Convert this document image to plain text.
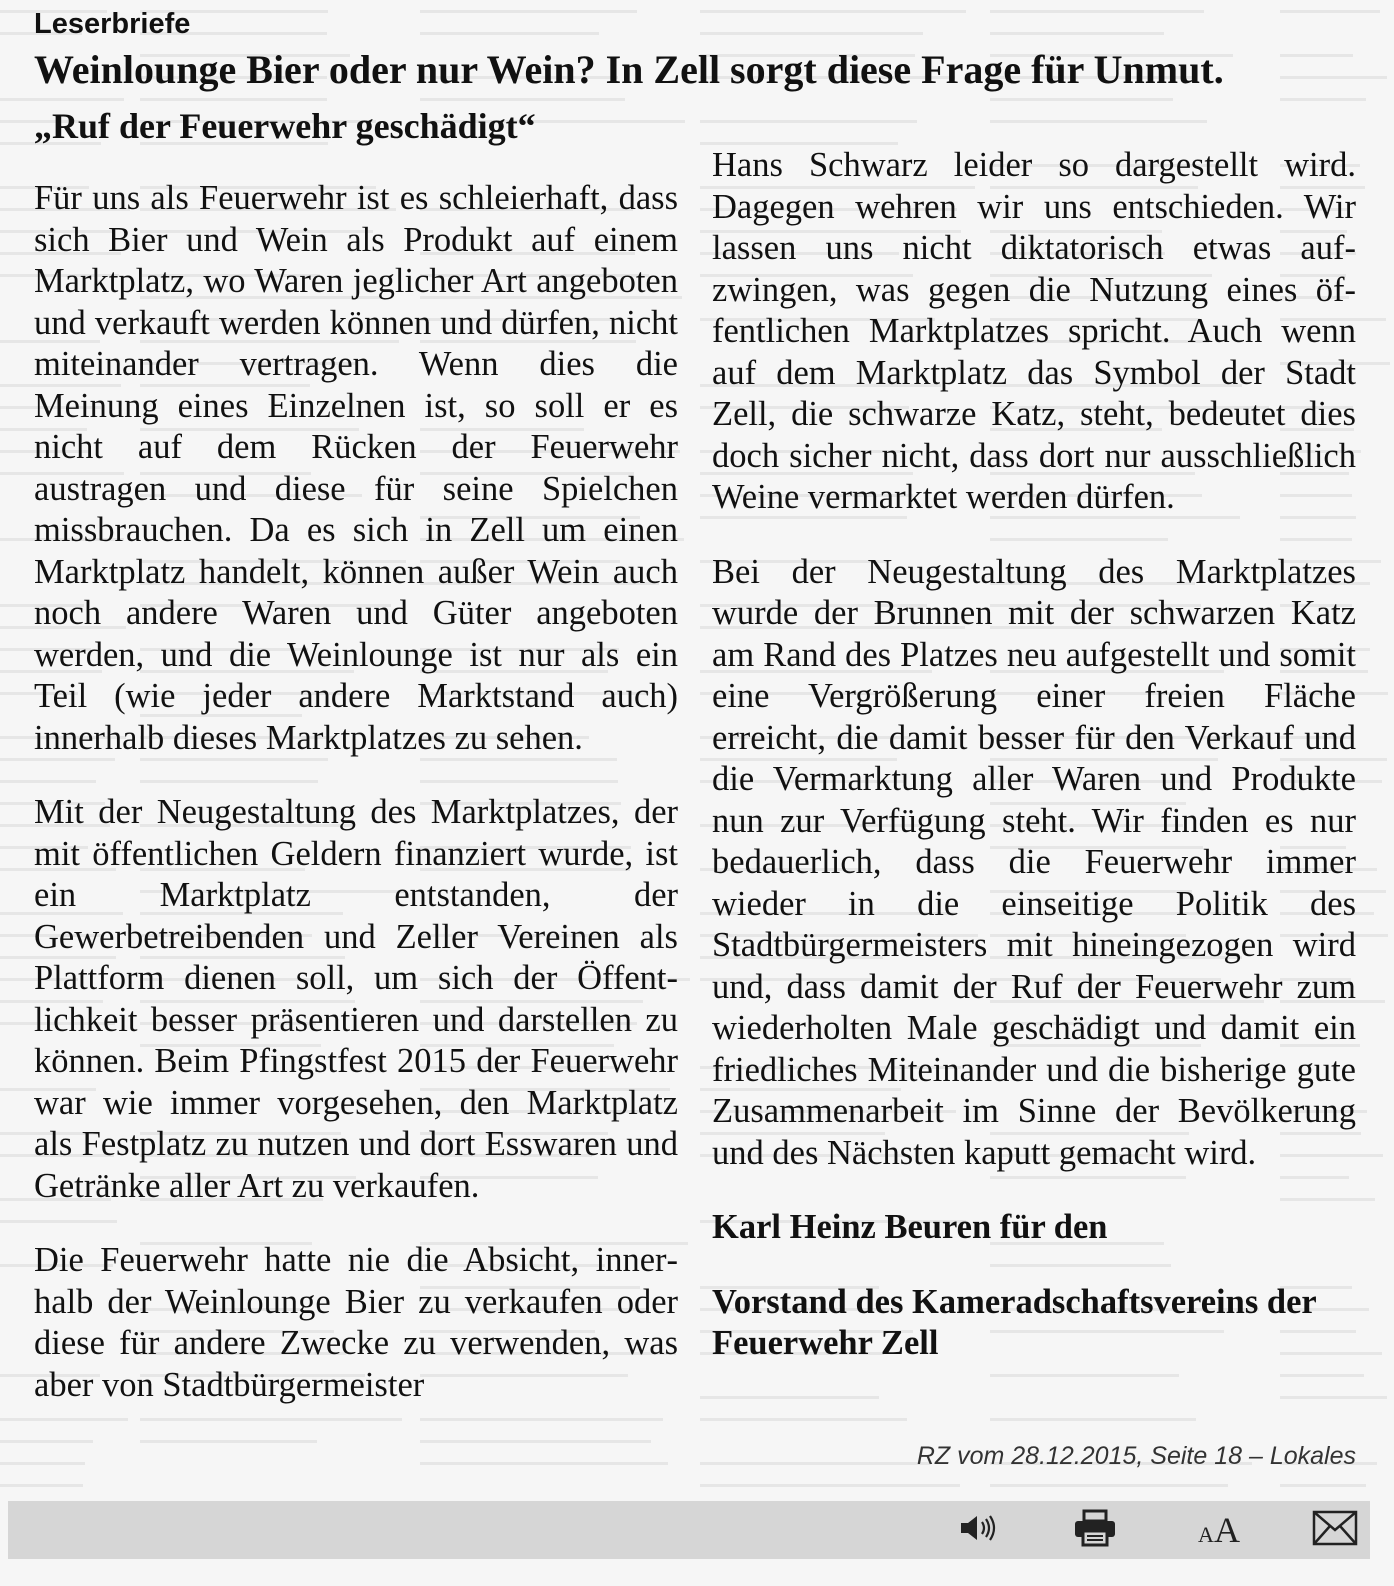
Leserbriefe
Weinlounge Bier oder nur Wein? In Zell sorgt diese Frage für Unmut.
„Ruf der Feuerwehr geschädigt“

Für uns als Feuerwehr ist es schleierhaft, dass sich Bier und Wein als Produkt auf einem Marktplatz, wo Waren jeglicher Art angeboten und verkauft werden können und dürfen, nicht miteinander vertragen. Wenn dies die Meinung eines Einzelnen ist, so soll er es nicht auf dem Rücken der Feuerwehr austragen und diese für seine Spielchen missbrauchen. Da es sich in Zell um einen Marktplatz handelt, können außer Wein auch noch andere Waren und Güter angeboten werden, und die Weinlounge ist nur als ein Teil (wie jeder andere Marktstand auch) innerhalb dieses Marktplatzes zu sehen.

Mit der Neugestaltung des Marktplatzes, der mit öffentlichen Geldern finanziert wurde, ist ein Marktplatz entstanden, der Gewerbetreibenden und Zeller Vereinen als Plattform dienen soll, um sich der Öffentlichkeit besser präsentieren und darstellen zu können. Beim Pfingstfest 2015 der Feuerwehr war wie immer vorgesehen, den Marktplatz als Festplatz zu nutzen und dort Esswaren und Getränke aller Art zu verkaufen.

Die Feuerwehr hatte nie die Absicht, innerhalb der Weinlounge Bier zu verkaufen oder diese für andere Zwecke zu verwenden, was aber von Stadtbürgermeister

Hans Schwarz leider so dargestellt wird. Dagegen wehren wir uns entschieden. Wir lassen uns nicht diktatorisch etwas aufzwingen, was gegen die Nutzung eines öffentlichen Marktplatzes spricht. Auch wenn auf dem Marktplatz das Symbol der Stadt Zell, die schwarze Katz, steht, bedeutet dies doch sicher nicht, dass dort nur ausschließlich Weine vermarktet werden dürfen.

Bei der Neugestaltung des Marktplatzes wurde der Brunnen mit der schwarzen Katz am Rand des Platzes neu aufgestellt und somit eine Vergrößerung einer freien Fläche erreicht, die damit besser für den Verkauf und die Vermarktung aller Waren und Produkte nun zur Verfügung steht. Wir finden es nur bedauerlich, dass die Feuerwehr immer wieder in die einseitige Politik des Stadtbürgermeisters mit hineingezogen wird und, dass damit der Ruf der Feuerwehr zum wiederholten Male geschädigt und damit ein friedliches Miteinander und die bisherige gute Zusammenarbeit im Sinne der Bevölkerung und des Nächsten kaputt gemacht wird.

Karl Heinz Beuren für den

Vorstand des Kameradschaftsvereins der Feuerwehr Zell

RZ vom 28.12.2015, Seite 18 – Lokales
AA
